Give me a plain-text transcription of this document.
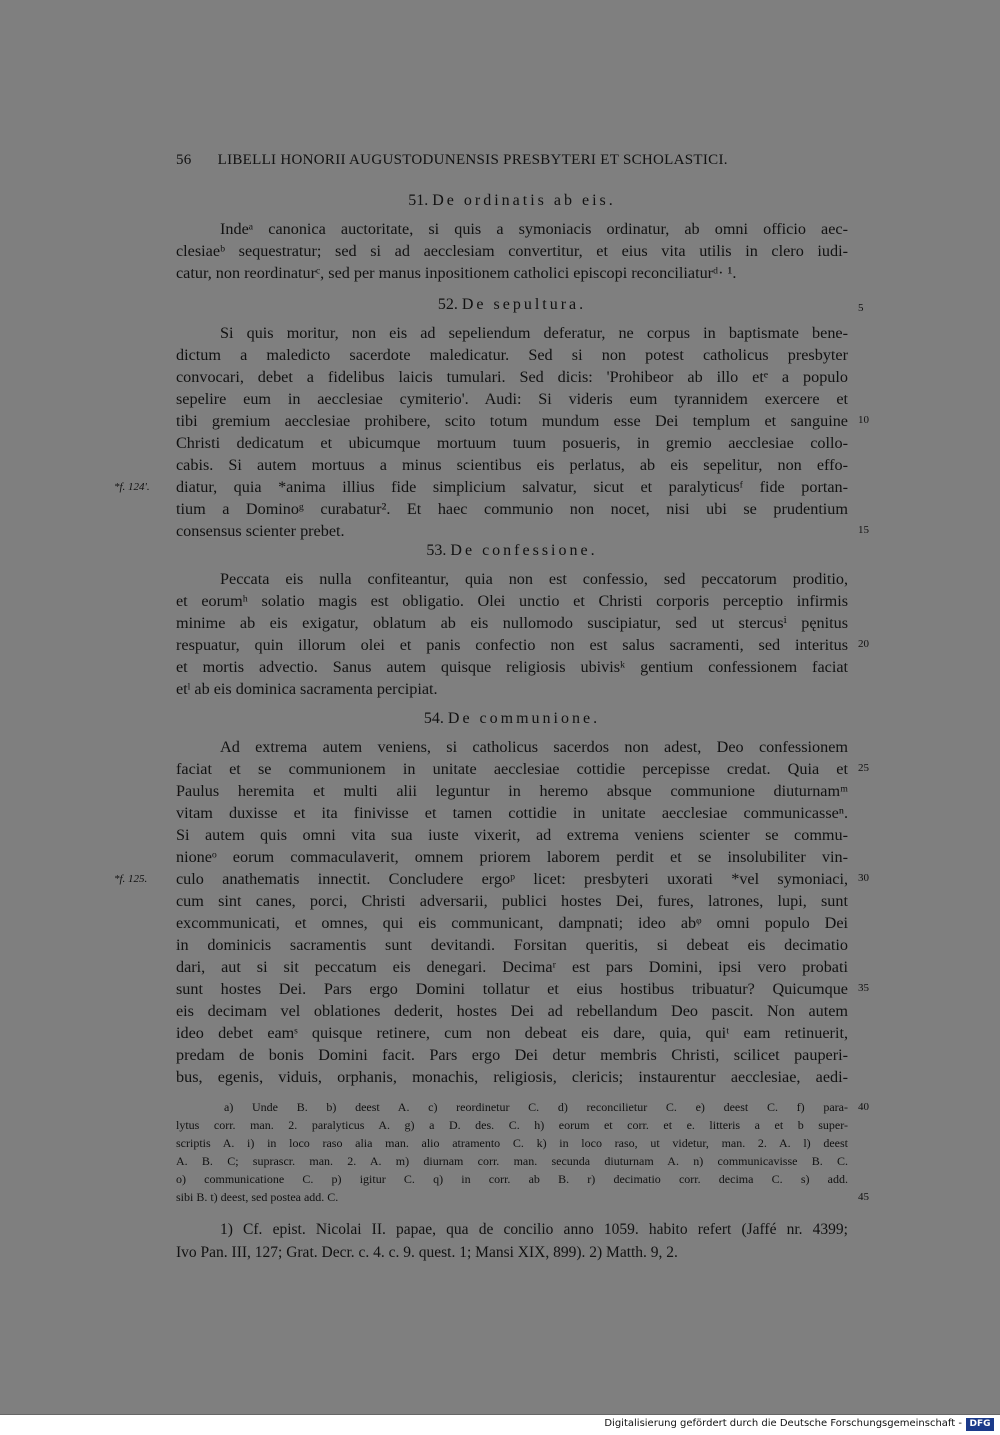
56 LIBELLI HONORII AUGUSTODUNENSIS PRESBYTERI ET SCHOLASTICI.
51. De ordinatis ab eis.
Indeᵃ canonica auctoritate, si quis a symoniacis ordinatur, ab omni officio aec-
clesiaeᵇ sequestratur; sed si ad aecclesiam convertitur, et eius vita utilis in clero iudi-
catur, non reordinaturᶜ, sed per manus inpositionem catholici episcopi reconciliaturᵈ· ¹.
52. De sepultura.	5
Si quis moritur, non eis ad sepeliendum deferatur, ne corpus in baptismate bene-
dictum a maledicto sacerdote maledicatur. Sed si non potest catholicus presbyter
convocari, debet a fidelibus laicis tumulari. Sed dicis: 'Prohibeor ab illo etᵉ a populo
sepelire eum in aecclesiae cymiterio'. Audi: Si videris eum tyrannidem exercere et
tibi gremium aecclesiae prohibere, scito totum mundum esse Dei templum et sanguine 10
Christi dedicatum et ubicumque mortuum tuum posueris, in gremio aecclesiae collo-
cabis. Si autem mortuus a minus scientibus eis perlatus, ab eis sepelitur, non effo-
*f. 124'. diatur, quia *anima illius fide simplicium salvatur, sicut et paralyticusᶠ fide portan-
tium a Dominoᵍ curabatur². Et haec communio non nocet, nisi ubi se prudentium
consensus scienter prebet.	15
53. De confessione.
Peccata eis nulla confiteantur, quia non est confessio, sed peccatorum proditio,
et eorumʰ solatio magis est obligatio. Olei unctio et Christi corporis perceptio infirmis
minime ab eis exigatur, oblatum ab eis nullomodo suscipiatur, sed ut stercusⁱ pęnitus
respuatur, quin illorum olei et panis confectio non est salus sacramenti, sed interitus 20
et mortis advectio. Sanus autem quisque religiosis ubivisᵏ gentium confessionem faciat
etˡ ab eis dominica sacramenta percipiat.
54. De communione.
Ad extrema autem veniens, si catholicus sacerdos non adest, Deo confessionem
faciat et se communionem in unitate aecclesiae cottidie percepisse credat. Quia et 25
Paulus heremita et multi alii leguntur in heremo absque communione diuturnamᵐ
vitam duxisse et ita finivisse et tamen cottidie in unitate aecclesiae communicasseⁿ.
Si autem quis omni vita sua iuste vixerit, ad extrema veniens scienter se commu-
nioneᵒ eorum commaculaverit, omnem priorem laborem perdit et se insolubiliter vin-
*f. 125. culo anathematis innectit. Concludere ergoᵖ licet: presbyteri uxorati *vel symoniaci, 30
cum sint canes, porci, Christi adversarii, publici hostes Dei, fures, latrones, lupi, sunt
excommunicati, et omnes, qui eis communicant, dampnati; ideo abᵠ omni populo Dei
in dominicis sacramentis sunt devitandi. Forsitan queritis, si debeat eis decimatio
dari, aut si sit peccatum eis denegari. Decimaʳ est pars Domini, ipsi vero probati
sunt hostes Dei. Pars ergo Domini tollatur et eius hostibus tribuatur? Quicumque 35
eis decimam vel oblationes dederit, hostes Dei ad rebellandum Deo pascit. Non autem
ideo debet eamˢ quisque retinere, cum non debeat eis dare, quia, quiᵗ eam retinuerit,
predam de bonis Domini facit. Pars ergo Dei detur membris Christi, scilicet pauperi-
bus, egenis, viduis, orphanis, monachis, religiosis, clericis; instaurentur aecclesiae, aedi-
a) Unde B. b) deest A. c) reordinetur C. d) reconcilietur C. e) deest C. f) para- 40
lytus corr. man. 2. paralyticus A. g) a D. des. C. h) eorum et corr. et e. litteris a et b super-
scriptis A. i) in loco raso alia man. alio atramento C. k) in loco raso, ut videtur, man. 2. A. l) deest
A. B. C; suprascr. man. 2. A. m) diurnam corr. man. secunda diuturnam A. n) communicavisse B. C.
o) communicatione C. p) igitur C. q) in corr. ab B. r) decimatio corr. decima C. s) add.
sibi B. t) deest, sed postea add. C.	45
1) Cf. epist. Nicolai II. papae, qua de concilio anno 1059. habito refert (Jaffé nr. 4399;
Ivo Pan. III, 127; Grat. Decr. c. 4. c. 9. quest. 1; Mansi XIX, 899). 2) Matth. 9, 2.
Digitalisierung gefördert durch die Deutsche Forschungsgemeinschaft - DFG
